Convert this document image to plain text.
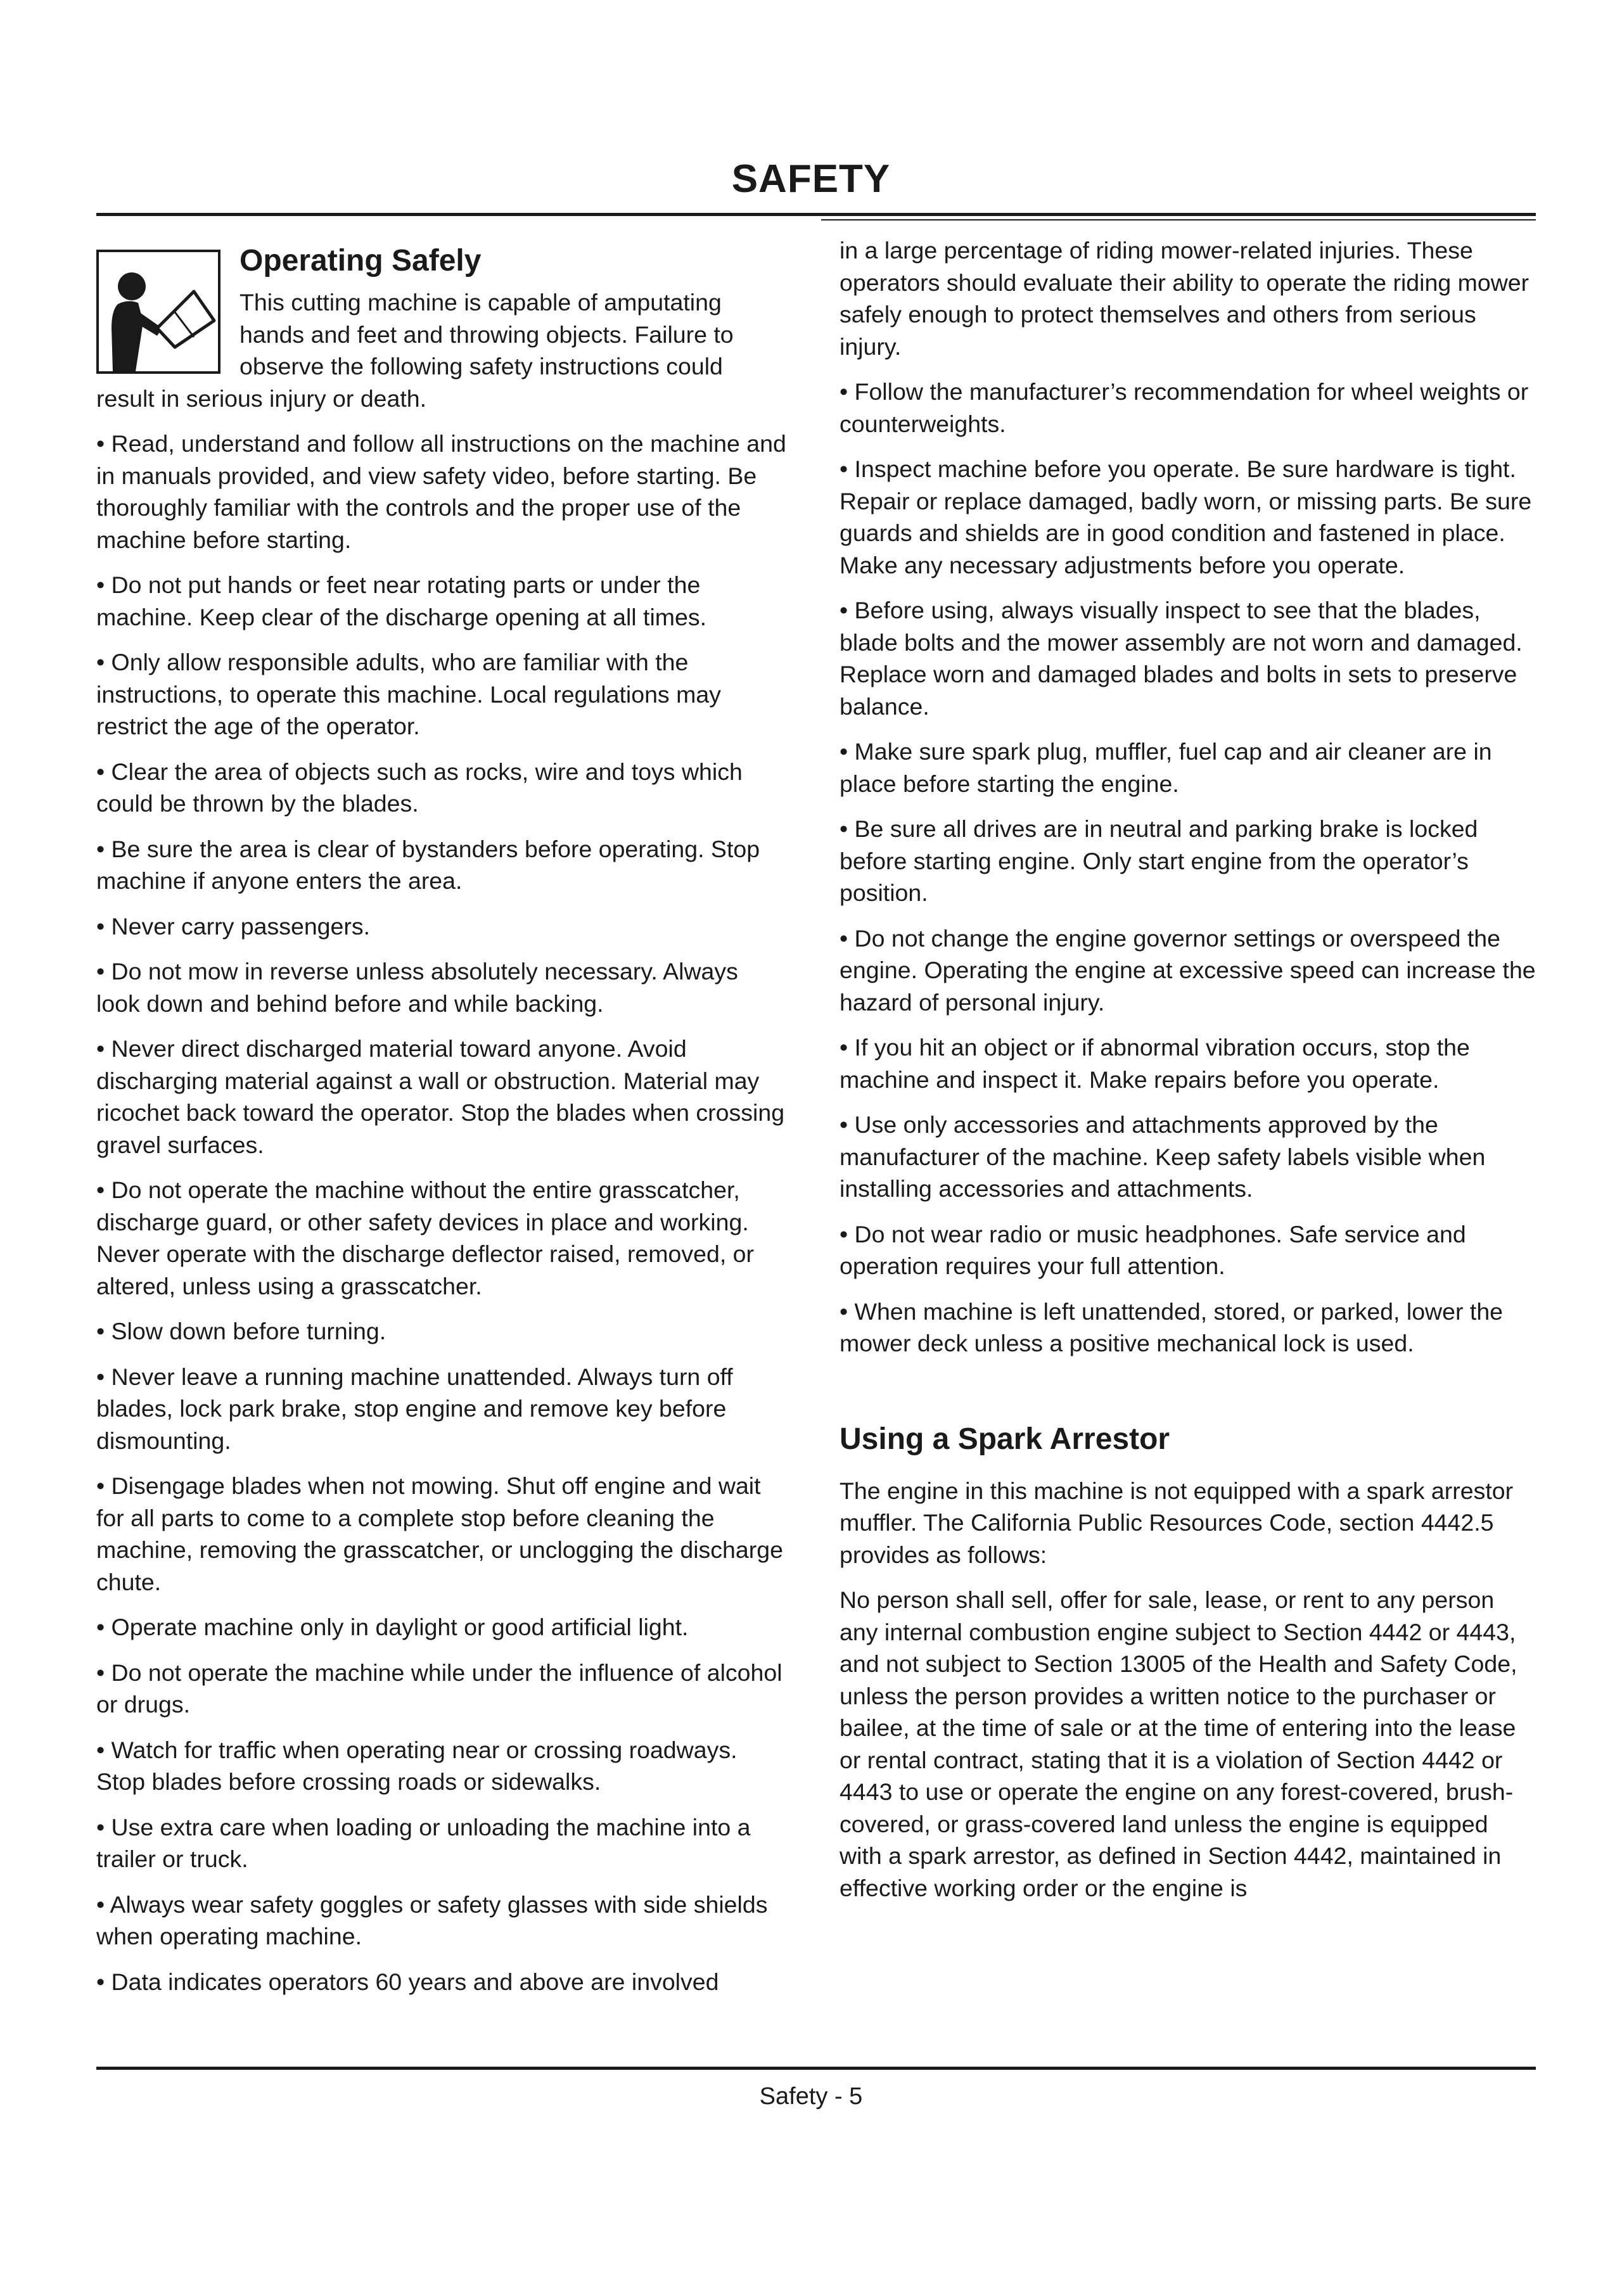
SAFETY
Operating Safely

This cutting machine is capable of amputating hands and feet and throwing objects. Failure to observe the following safety instructions could result in serious injury or death.

• Read, understand and follow all instructions on the machine and in manuals provided, and view safety video, before starting. Be thoroughly familiar with the controls and the proper use of the machine before starting.

• Do not put hands or feet near rotating parts or under the machine. Keep clear of the discharge opening at all times.

• Only allow responsible adults, who are familiar with the instructions, to operate this machine. Local regulations may restrict the age of the operator.

• Clear the area of objects such as rocks, wire and toys which could be thrown by the blades.

• Be sure the area is clear of bystanders before operating. Stop machine if anyone enters the area.

• Never carry passengers.

• Do not mow in reverse unless absolutely necessary. Always look down and behind before and while backing.

• Never direct discharged material toward anyone. Avoid discharging material against a wall or obstruction. Material may ricochet back toward the operator. Stop the blades when crossing gravel surfaces.

• Do not operate the machine without the entire grasscatcher, discharge guard, or other safety devices in place and working. Never operate with the discharge deflector raised, removed, or altered, unless using a grasscatcher.

• Slow down before turning.

• Never leave a running machine unattended. Always turn off blades, lock park brake, stop engine and remove key before dismounting.

• Disengage blades when not mowing. Shut off engine and wait for all parts to come to a complete stop before cleaning the machine, removing the grasscatcher, or unclogging the discharge chute.

• Operate machine only in daylight or good artificial light.

• Do not operate the machine while under the influence of alcohol or drugs.

• Watch for traffic when operating near or crossing roadways. Stop blades before crossing roads or sidewalks.

• Use extra care when loading or unloading the machine into a trailer or truck.

• Always wear safety goggles or safety glasses with side shields when operating machine.

• Data indicates operators 60 years and above are involved

in a large percentage of riding mower-related injuries. These operators should evaluate their ability to operate the riding mower safely enough to protect themselves and others from serious injury.

• Follow the manufacturer’s recommendation for wheel weights or counterweights.

• Inspect machine before you operate. Be sure hardware is tight. Repair or replace damaged, badly worn, or missing parts. Be sure guards and shields are in good condition and fastened in place. Make any necessary adjustments before you operate.

• Before using, always visually inspect to see that the blades, blade bolts and the mower assembly are not worn and damaged. Replace worn and damaged blades and bolts in sets to preserve balance.

• Make sure spark plug, muffler, fuel cap and air cleaner are in place before starting the engine.

• Be sure all drives are in neutral and parking brake is locked before starting engine. Only start engine from the operator’s position.

• Do not change the engine governor settings or overspeed the engine. Operating the engine at excessive speed can increase the hazard of personal injury.

• If you hit an object or if abnormal vibration occurs, stop the machine and inspect it. Make repairs before you operate.

• Use only accessories and attachments approved by the manufacturer of the machine. Keep safety labels visible when installing accessories and attachments.

• Do not wear radio or music headphones. Safe service and operation requires your full attention.

• When machine is left unattended, stored, or parked, lower the mower deck unless a positive mechanical lock is used.

Using a Spark Arrestor

The engine in this machine is not equipped with a spark arrestor muffler. The California Public Resources Code, section 4442.5 provides as follows:

No person shall sell, offer for sale, lease, or rent to any person any internal combustion engine subject to Section 4442 or 4443, and not subject to Section 13005 of the Health and Safety Code, unless the person provides a written notice to the purchaser or bailee, at the time of sale or at the time of entering into the lease or rental contract, stating that it is a violation of Section 4442 or 4443 to use or operate the engine on any forest-covered, brush-covered, or grass-covered land unless the engine is equipped with a spark arrestor, as defined in Section 4442, maintained in effective working order or the engine is

Safety - 5
